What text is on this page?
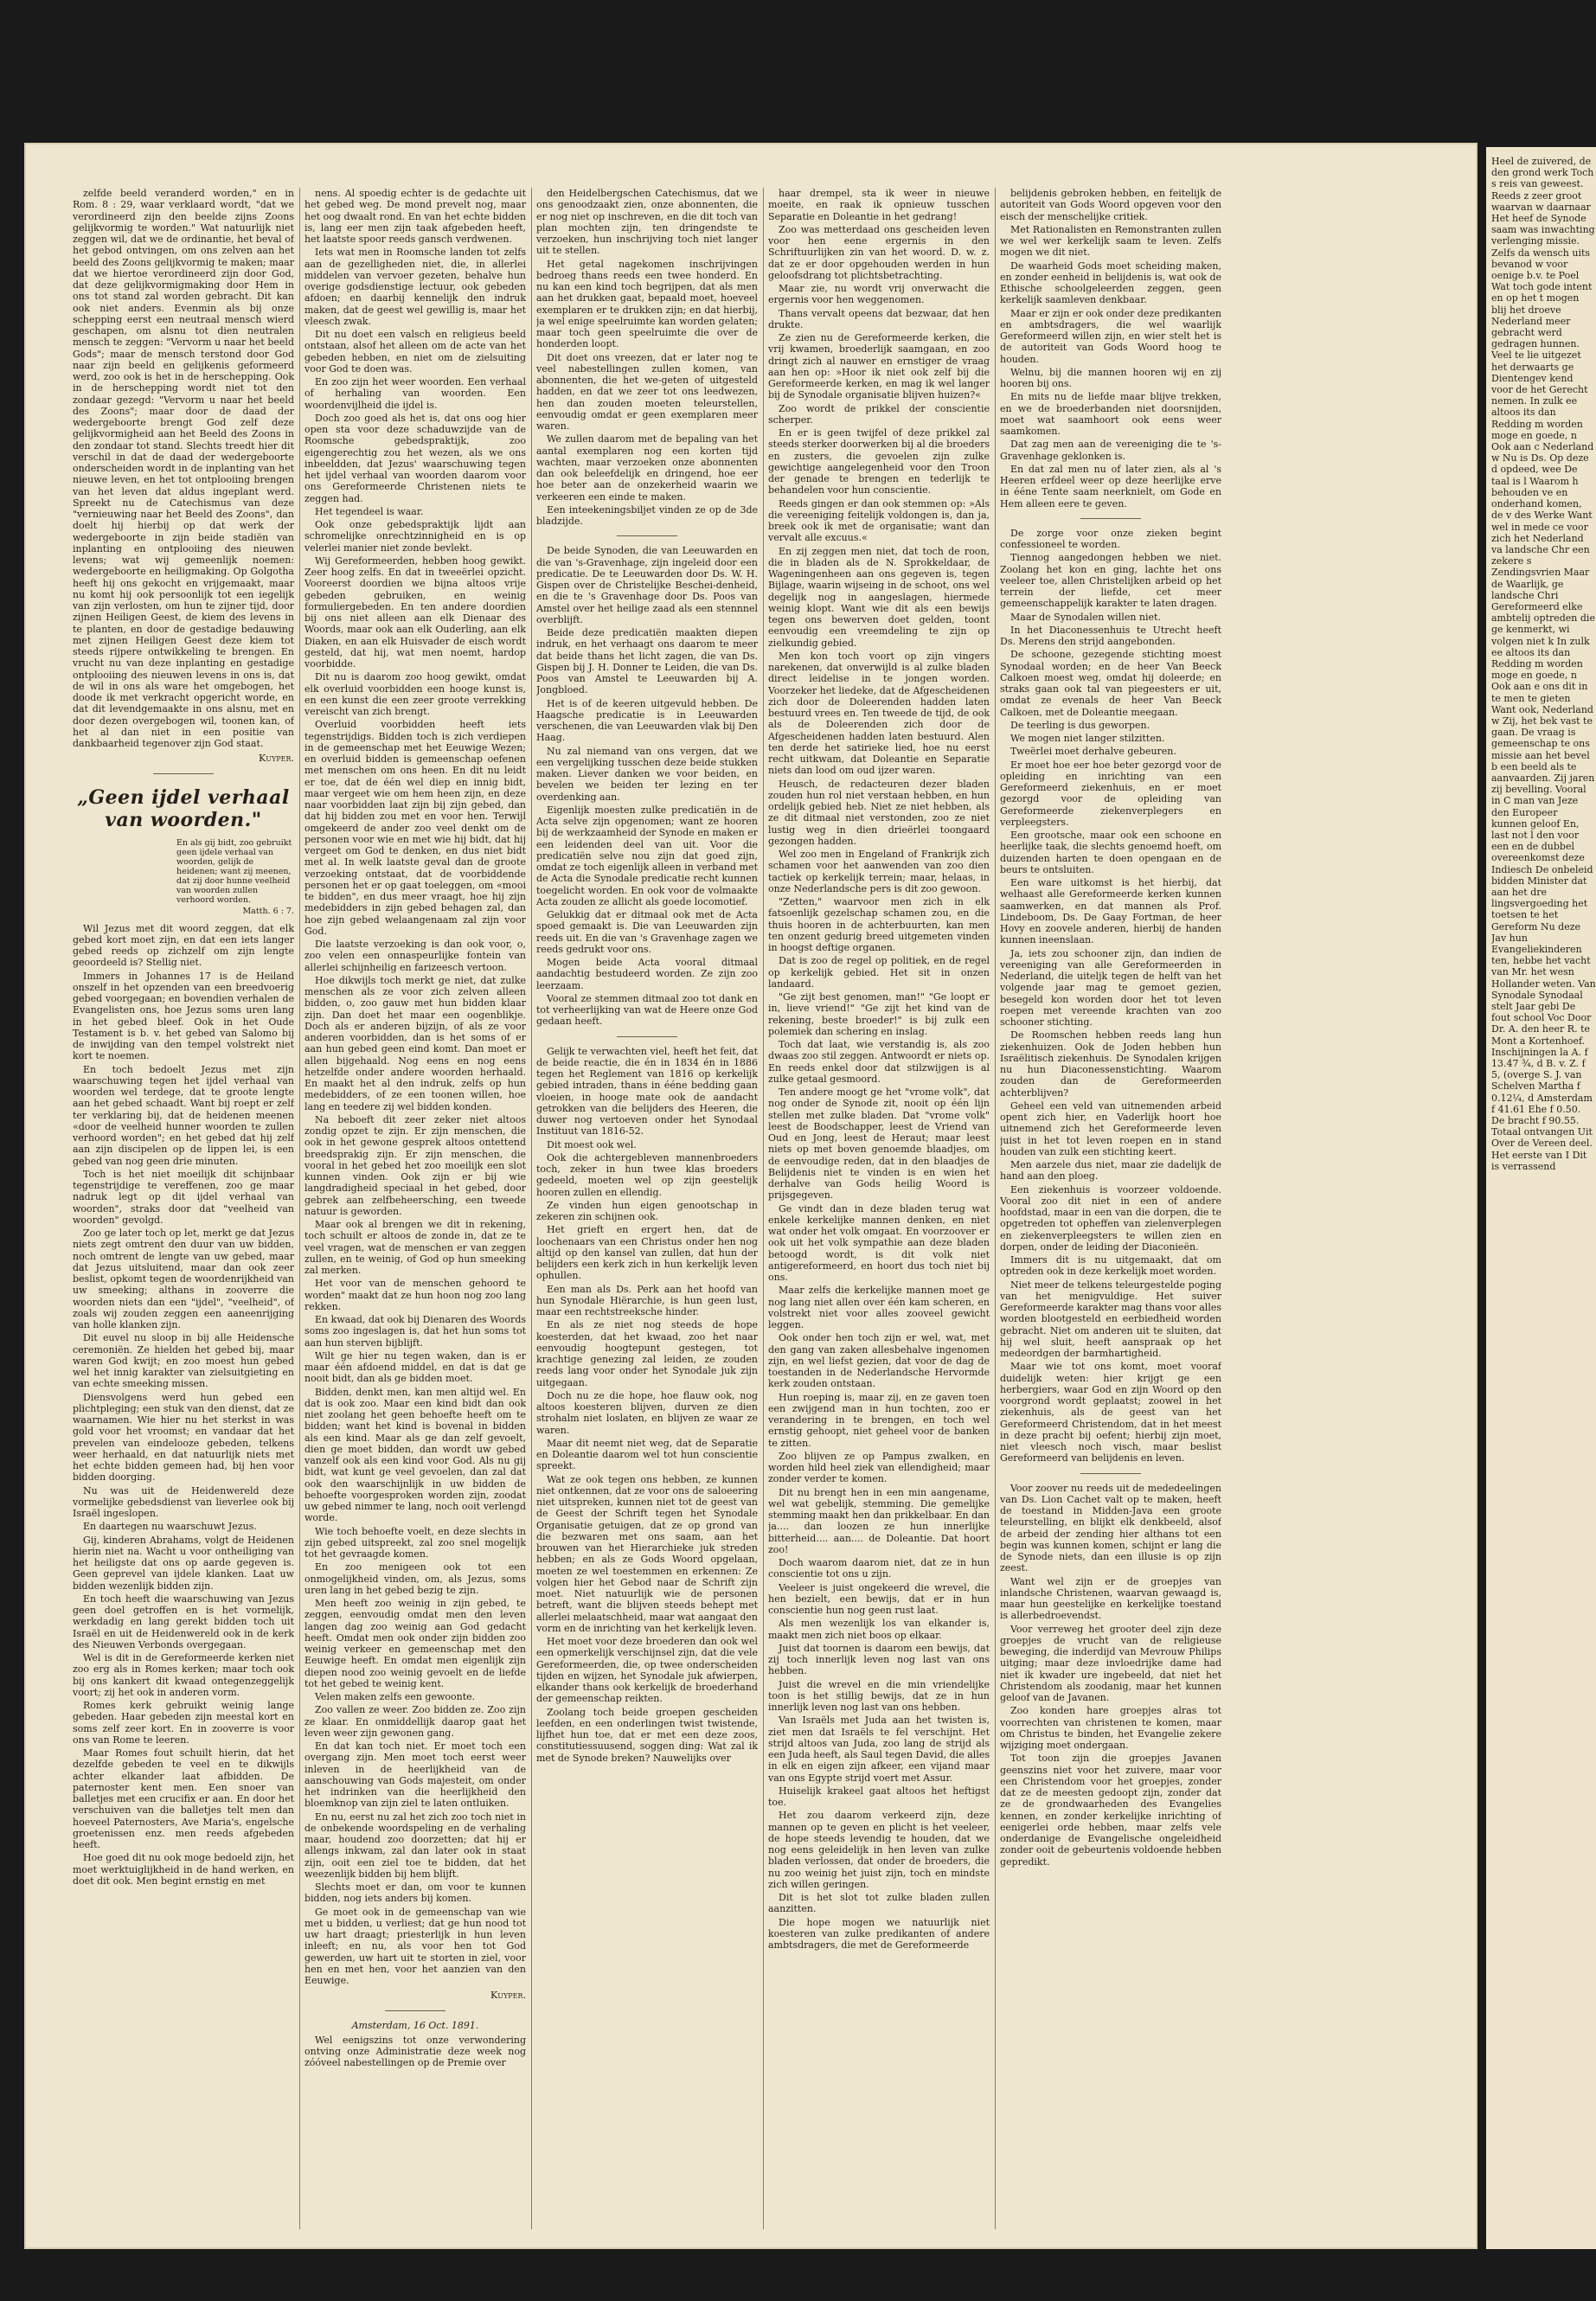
zelfde beeld veranderd worden," en in Rom. 8 : 29, waar verklaard wordt, "dat we verordineerd zijn den beelde zijns Zoons gelijkvormig te worden." Wat natuurlijk niet zeggen wil, dat we de ordinantie, het beval of het gebod ontvingen, om ons zelven aan het beeld des Zoons gelijkvormig te maken; maar dat we hiertoe verordineerd zijn door God, dat deze gelijkvormigmaking door Hem in ons tot stand zal worden gebracht. Dit kan ook niet anders. Evenmin als bij onze schepping eerst een neutraal mensch wierd geschapen, om alsnu tot dien neutralen mensch te zeggen: "Vervorm u naar het beeld Gods"; maar de mensch terstond door God naar zijn beeld en gelijkenis geformeerd werd, zoo ook is het in de herschepping. Ook in de herschepping wordt niet tot den zondaar gezegd: "Vervorm u naar het beeld des Zoons"; maar door de daad der wedergeboorte brengt God zelf deze gelijkvormigheid aan het Beeld des Zoons in den zondaar tot stand. Slechts treedt hier dit verschil in dat de daad der wedergeboorte onderscheiden wordt in de inplanting van het nieuwe leven, en het tot ontplooiing brengen van het leven dat aldus ingeplant werd. Spreekt nu de Catechismus van deze "vernieuwing naar het Beeld des Zoons", dan doelt hij hierbij op dat werk der wedergeboorte in zijn beide stadiën van inplanting en ontplooiing des nieuwen levens; wat wij gemeenlijk noemen: wedergeboorte en heiligmaking. Op Golgotha heeft hij ons gekocht en vrijgemaakt, maar nu komt hij ook persoonlijk tot een iegelijk van zijn verlosten, om hun te zijner tijd, door zijnen Heiligen Geest, de kiem des levens in te planten, en door de gestadige bedauwing met zijnen Heiligen Geest deze kiem tot steeds rijpere ontwikkeling te brengen. En vrucht nu van deze inplanting en gestadige ontplooiing des nieuwen levens in ons is, dat de wil in ons als ware het omgebogen, het doode ik met verkracht opgericht worde, en dat dit levendgemaakte in ons alsnu, met en door dezen overgebogen wil, toonen kan, of het al dan niet in een positie van dankbaarheid tegenover zijn God staat.

Kuyper.
„Geen ijdel verhaal van woorden."
En als gij bidt, zoo gebruikt geen ijdele verhaal van woorden, gelijk de heidenen; want zij meenen, dat zij door hunne veelheid van woorden zullen verhoord worden.
Matth. 6 : 7.

Wil Jezus met dit woord zeggen, dat elk gebed kort moet zijn, en dat een iets langer gebed reeds op zichzelf om zijn lengte geoordeeld is? Stellig niet.

Immers in Johannes 17 is de Heiland onszelf in het opzenden van een breedvoerig gebed voorgegaan; en bovendien verhalen de Evangelisten ons, hoe Jezus soms uren lang in het gebed bleef. Ook in het Oude Testament is b. v. het gebed van Salomo bij de inwijding van den tempel volstrekt niet kort te noemen.

En toch bedoelt Jezus met zijn waarschuwing tegen het ijdel verhaal van woorden wel terdege, dat te groote lengte aan het gebed schaadt. Want bij roept er zelf ter verklaring bij, dat de heidenen meenen «door de veelheid hunner woorden te zullen verhoord worden"; en het gebed dat hij zelf aan zijn discipelen op de lippen lei, is een gebed van nog geen drie minuten.

Toch is het niet moeilijk dit schijnbaar tegenstrijdige te vereffenen, zoo ge maar nadruk legt op dit ijdel verhaal van woorden", straks door dat "veelheid van woorden" gevolgd.

Zoo ge later toch op let, merkt ge dat Jezus niets zegt omtrent den duur van uw bidden, noch omtrent de lengte van uw gebed, maar dat Jezus uitsluitend, maar dan ook zeer beslist, opkomt tegen de woordenrijkheid van uw smeeking; althans in zooverre die woorden niets dan een "ijdel", "veelheid", of zoals wij zouden zeggen een aaneenrijging van holle klanken zijn.

Dit euvel nu sloop in bij alle Heidensche ceremoniën. Ze hielden het gebed bij, maar waren God kwijt; en zoo moest hun gebed wel het innig karakter van zielsuitgieting en van echte smeeking missen.

Diensvolgens werd hun gebed een plichtpleging; een stuk van den dienst, dat ze waarnamen. Wie hier nu het sterkst in was gold voor het vroomst; en vandaar dat het prevelen van eindelooze gebeden, telkens weer herhaald, en dat natuurlijk niets met het echte bidden gemeen had, bij hen voor bidden doorging.

Nu was uit de Heidenwereld deze vormelijke gebedsdienst van lieverlee ook bij Israël ingeslopen.

En daartegen nu waarschuwt Jezus.

Gij, kinderen Abrahams, volgt de Heidenen hierin niet na. Wacht u voor ontheiliging van het heiligste dat ons op aarde gegeven is. Geen geprevel van ijdele klanken. Laat uw bidden wezenlijk bidden zijn.

En toch heeft die waarschuwing van Jezus geen doel getroffen en is het vormelijk, werkdadig en lang gerekt bidden toch uit Israël en uit de Heidenwereld ook in de kerk des Nieuwen Verbonds overgegaan.

Wel is dit in de Gereformeerde kerken niet zoo erg als in Romes kerken; maar toch ook bij ons kankert dit kwaad ontegenzeggelijk voort; zij het ook in anderen vorm.

Romes kerk gebruikt weinig lange gebeden. Haar gebeden zijn meestal kort en soms zelf zeer kort. En in zooverre is voor ons van Rome te leeren.

Maar Romes fout schuilt hierin, dat het dezelfde gebeden te veel en te dikwijls achter elkander laat afbidden. De paternoster kent men. Een snoer van balletjes met een crucifix er aan. En door het verschuiven van die balletjes telt men dan hoeveel Paternosters, Ave Maria's, engelsche groetenissen enz. men reeds afgebeden heeft.

Hoe goed dit nu ook moge bedoeld zijn, het moet werktuiglijkheid in de hand werken, en doet dit ook. Men begint ernstig en met

nens. Al spoedig echter is de gedachte uit het gebed weg. De mond prevelt nog, maar het oog dwaalt rond. En van het echte bidden is, lang eer men zijn taak afgebeden heeft, het laatste spoor reeds gansch verdwenen.

Iets wat men in Roomsche landen tot zelfs aan de gezelligheden niet, die, in allerlei middelen van vervoer gezeten, behalve hun overige godsdienstige lectuur, ook gebeden afdoen; en daarbij kennelijk den indruk maken, dat de geest wel gewillig is, maar het vleesch zwak.

Dit nu doet een valsch en religieus beeld ontstaan, alsof het alleen om de acte van het gebeden hebben, en niet om de zielsuiting voor God te doen was.

En zoo zijn het weer woorden. Een verhaal of herhaling van woorden. Een woordenvijlheid die ijdel is.

Doch zoo goed als het is, dat ons oog hier open sta voor deze schaduwzijde van de Roomsche gebedspraktijk, zoo eigengerechtig zou het wezen, als we ons inbeeldden, dat Jezus' waarschuwing tegen het ijdel verhaal van woorden daarom voor ons Gereformeerde Christenen niets te zeggen had.

Het tegendeel is waar.

Ook onze gebedspraktijk lijdt aan schromelijke onrechtzinnigheid en is op velerlei manier niet zonde bevlekt.

Wij Gereformeerden, hebben hoog gewikt. Zeer hoog zelfs. En dat in tweeërlei opzicht. Vooreerst doordien we bijna altoos vrije gebeden gebruiken, en weinig formuliergebeden. En ten andere doordien bij ons niet alleen aan elk Dienaar des Woords, maar ook aan elk Ouderling, aan elk Diaken, en aan elk Huisvader de eisch wordt gesteld, dat hij, wat men noemt, hardop voorbidde.

Dit nu is daarom zoo hoog gewikt, omdat elk overluid voorbidden een hooge kunst is, en een kunst die een zeer groote verrekking vereischt van zich brengt.

Overluid voorbidden heeft iets tegenstrijdigs. Bidden toch is zich verdiepen in de gemeenschap met het Eeuwige Wezen; en overluid bidden is gemeenschap oefenen met menschen om ons heen. En dit nu leidt er toe, dat de één wel diep en innig bidt, maar vergeet wie om hem heen zijn, en deze naar voorbidden laat zijn bij zijn gebed, dan dat hij bidden zou met en voor hen. Terwijl omgekeerd de ander zoo veel denkt om de personen voor wie en met wie hij bidt, dat hij vergeet om God te denken, en dus niet bidt met al. In welk laatste geval dan de groote verzoeking ontstaat, dat de voorbiddende personen het er op gaat toeleggen, om «mooi te bidden", en dus meer vraagt, hoe hij zijn medebidders in zijn gebed behagen zal, dan hoe zijn gebed welaangenaam zal zijn voor God.

Die laatste verzoeking is dan ook voor, o, zoo velen een onnaspeurlijke fontein van allerlei schijnheilig en farizeesch vertoon.

Hoe dikwijls toch merkt ge niet, dat zulke menschen als ze voor zich zelven alleen bidden, o, zoo gauw met hun bidden klaar zijn. Dan doet het maar een oogenblikje. Doch als er anderen bijzijn, of als ze voor anderen voorbidden, dan is het soms of er aan hun gebed geen eind komt. Dan moet er allen bijgehaald. Nog eens en nog eens hetzelfde onder andere woorden herhaald. En maakt het al den indruk, zelfs op hun medebidders, of ze een toonen willen, hoe lang en teedere zij wel bidden konden.

Na beboeft dit zeer zeker niet altoos zondig opzet te zijn. Er zijn menschen, die ook in het gewone gesprek altoos ontettend breedsprakig zijn. Er zijn menschen, die vooral in het gebed het zoo moeilijk een slot kunnen vinden. Ook zijn er bij wie langdradigheid speciaal in het gebed, door gebrek aan zelfbeheersching, een tweede natuur is geworden.

Maar ook al brengen we dit in rekening, toch schuilt er altoos de zonde in, dat ze te veel vragen, wat de menschen er van zeggen zullen, en te weinig, of God op hun smeeking zal merken.

Het voor van de menschen gehoord te worden" maakt dat ze hun hoon nog zoo lang rekken.

En kwaad, dat ook bij Dienaren des Woords soms zoo ingeslagen is, dat het hun soms tot aan hun sterven bijblijft.

Wilt ge hier nu tegen waken, dan is er maar één afdoend middel, en dat is dat ge nooit bidt, dan als ge bidden moet.

Bidden, denkt men, kan men altijd wel. En dat is ook zoo. Maar een kind bidt dan ook niet zoolang het geen behoefte heeft om te bidden; want het kind is bovenal in bidden als een kind. Maar als ge dan zelf gevoelt, dien ge moet bidden, dan wordt uw gebed vanzelf ook als een kind voor God. Als nu gij bidt, wat kunt ge veel gevoelen, dan zal dat ook den waarschijnlijk in uw bidden de behoefte voorgesproken worden zijn, zoodat uw gebed nimmer te lang, noch ooit verlengd worde.

Wie toch behoefte voelt, en deze slechts in zijn gebed uitspreekt, zal zoo snel mogelijk tot het gevraagde komen.

En zoo menigeen ook tot een onmogelijkheid vinden, om, als Jezus, soms uren lang in het gebed bezig te zijn.

Men heeft zoo weinig in zijn gebed, te zeggen, eenvoudig omdat men den leven langen dag zoo weinig aan God gedacht heeft. Omdat men ook onder zijn bidden zoo weinig verkeer en gemeenschap met den Eeuwige heeft. En omdat men eigenlijk zijn diepen nood zoo weinig gevoelt en de liefde tot het gebed te weinig kent.

Velen maken zelfs een gewoonte.

Zoo vallen ze weer. Zoo bidden ze. Zoo zijn ze klaar. En onmiddellijk daarop gaat het leven weer zijn gewonen gang.

En dat kan toch niet. Er moet toch een overgang zijn. Men moet toch eerst weer inleven in de heerlijkheid van de aanschouwing van Gods majesteit, om onder het indrinken van die heerlijkheid den bloemknop van zijn ziel te laten ontluiken.

En nu, eerst nu zal het zich zoo toch niet in de onbekende woordspeling en de verhaling maar, houdend zoo doorzetten; dat hij er allengs inkwam, zal dan later ook in staat zijn, ooit een ziel toe te bidden, dat het weezenlijk bidden bij hem blijft.

Slechts moet er dan, om voor te kunnen bidden, nog iets anders bij komen.

Ge moet ook in de gemeenschap van wie met u bidden, u verliest; dat ge hun nood tot uw hart draagt; priesterlijk in hun leven inleeft; en nu, als voor hen tot God gewerden, uw hart uit te storten in ziel, voor hen en met hen, voor het aanzien van den Eeuwige.

Kuyper.
Amsterdam, 16 Oct. 1891.

Wel eenigszins tot onze verwondering ontving onze Administratie deze week nog zóóveel nabestellingen op de Premie over

den Heidelbergschen Catechismus, dat we ons genoodzaakt zien, onze abonnenten, die er nog niet op inschreven, en die dit toch van plan mochten zijn, ten dringendste te verzoeken, hun inschrijving toch niet langer uit te stellen.

Het getal nagekomen inschrijvingen bedroeg thans reeds een twee honderd. En nu kan een kind toch begrijpen, dat als men aan het drukken gaat, bepaald moet, hoeveel exemplaren er te drukken zijn; en dat hierbij, ja wel enige speelruimte kan worden gelaten; maar toch geen speelruimte die over de honderden loopt.

Dit doet ons vreezen, dat er later nog te veel nabestellingen zullen komen, van abonnenten, die het we-geten of uitgesteld hadden, en dat we zeer tot ons leedwezen, hen dan zouden moeten teleurstellen, eenvoudig omdat er geen exemplaren meer waren.

We zullen daarom met de bepaling van het aantal exemplaren nog een korten tijd wachten, maar verzoeken onze abonnenten dan ook beleefdelijk en dringend, hoe eer hoe beter aan de onzekerheid waarin we verkeeren een einde te maken.

Een inteekeningsbiljet vinden ze op de 3de bladzijde.

De beide Synoden, die van Leeuwarden en die van 's-Gravenhage, zijn ingeleid door een predicatie. De te Leeuwarden door Ds. W. H. Gispen over de Christelijke Beschei-denheid, en die te 's Gravenhage door Ds. Poos van Amstel over het heilige zaad als een stennnel overblijft.

Beide deze predicatiën maakten diepen indruk, en het verhaagt ons daarom te meer dat beide thans het licht zagen, die van Ds. Gispen bij J. H. Donner te Leiden, die van Ds. Poos van Amstel te Leeuwarden bij A. Jongbloed.

Het is of de keeren uitgevuld hebben. De Haagsche predicatie is in Leeuwarden verschenen, die van Leeuwarden vlak bij Den Haag.

Nu zal niemand van ons vergen, dat we een vergelijking tusschen deze beide stukken maken. Liever danken we voor beiden, en bevelen we beiden ter lezing en ter overdenking aan.

Eigenlijk moesten zulke predicatiën in de Acta selve zijn opgenomen; want ze hooren bij de werkzaamheid der Synode en maken er een leidenden deel van uit. Voor die predicatiën selve nou zijn dat goed zijn, omdat ze toch eigenlijk alleen in verband met de Acta die Synodale predicatie recht kunnen toegelicht worden. En ook voor de volmaakte Acta zouden ze allicht als goede locomotief.

Gelukkig dat er ditmaal ook met de Acta spoed gemaakt is. Die van Leeuwarden zijn reeds uit. En die van 's Gravenhage zagen we reeds gedrukt voor ons.

Mogen beide Acta vooral ditmaal aandachtig bestudeerd worden. Ze zijn zoo leerzaam.

Vooral ze stemmen ditmaal zoo tot dank en tot verheerlijking van wat de Heere onze God gedaan heeft.

Gelijk te verwachten viel, heeft het feit, dat de beide reactie, die én in 1834 én in 1886 tegen het Reglement van 1816 op kerkelijk gebied intraden, thans in ééne bedding gaan vloeien, in hooge mate ook de aandacht getrokken van die belijders des Heeren, die duwer nog vertoeven onder het Synodaal Instituut van 1816-52.

Dit moest ook wel.

Ook die achtergebleven mannenbroeders toch, zeker in hun twee klas broeders gedeeld, moeten wel op zijn geestelijk hooren zullen en ellendig.

Ze vinden hun eigen genootschap in zekeren zin schijnen ook.

Het grieft en ergert hen, dat de loochenaars van een Christus onder hen nog altijd op den kansel van zullen, dat hun der belijders een kerk zich in hun kerkelijk leven ophullen.

Een man als Ds. Perk aan het hoofd van hun Synodale Hiërarchie, is hun geen lust, maar een rechtstreeksche hinder.

En als ze niet nog steeds de hope koesterden, dat het kwaad, zoo het naar eenvoudig hoogtepunt gestegen, tot krachtige genezing zal leiden, ze zouden reeds lang voor onder het Synodale juk zijn uitgegaan.

Doch nu ze die hope, hoe flauw ook, nog altoos koesteren blijven, durven ze dien strohalm niet loslaten, en blijven ze waar ze waren.

Maar dit neemt niet weg, dat de Separatie en Doleantie daarom wel tot hun conscientie spreekt.

Wat ze ook tegen ons hebben, ze kunnen niet ontkennen, dat ze voor ons de saloeering niet uitspreken, kunnen niet tot de geest van de Geest der Schrift tegen het Synodale Organisatie getuigen, dat ze op grond van die bezwaren met ons saam, aan het brouwen van het Hierarchieke juk streden hebben; en als ze Gods Woord opgelaan, moeten ze wel toestemmen en erkennen: Ze volgen hier het Gebod naar de Schrift zijn moet. Niet natuurlijk wie de personen betreft, want die blijven steeds behept met allerlei melaatschheid, maar wat aangaat den vorm en de inrichting van het kerkelijk leven.

Het moet voor deze broederen dan ook wel een opmerkelijk verschijnsel zijn, dat die vele Gereformeerden, die, op twee onderscheiden tijden en wijzen, het Synodale juk afwierpen, elkander thans ook kerkelijk de broederhand der gemeenschap reikten.

Zoolang toch beide groepen gescheiden leefden, en een onderlingen twist twistende, lijfhet hun toe, dat er met een deze zoos, constitutiessuusend, soggen ding: Wat zal ik met de Synode breken? Nauwelijks over

haar drempel, sta ik weer in nieuwe moeite, en raak ik opnieuw tusschen Separatie en Doleantie in het gedrang!

Zoo was metterdaad ons gescheiden leven voor hen eene ergernis in den Schriftuurlijken zin van het woord. D. w. z. dat ze er door opgehouden werden in hun geloofsdrang tot plichtsbetrachting.

Maar zie, nu wordt vrij onverwacht die ergernis voor hen weggenomen.

Thans vervalt opeens dat bezwaar, dat hen drukte.

Ze zien nu de Gereformeerde kerken, die vrij kwamen, broederlijk saamgaan, en zoo dringt zich al nauwer en ernstiger de vraag aan hen op: »Hoor ik niet ook zelf bij die Gereformeerde kerken, en mag ik wel langer bij de Synodale organisatie blijven huizen?«

Zoo wordt de prikkel der conscientie scherper.

En er is geen twijfel of deze prikkel zal steeds sterker doorwerken bij al die broeders en zusters, die gevoelen zijn zulke gewichtige aangelegenheid voor den Troon der genade te brengen en tederlijk te behandelen voor hun conscientie.

Reeds gingen er dan ook stemmen op: »Als die vereeniging feitelijk voldongen is, dan ja, breek ook ik met de organisatie; want dan vervalt alle excuus.«

En zij zeggen men niet, dat toch de roon, die in bladen als de N. Sprokkeldaar, de Wageningenheen aan ons gegeven is, tegen Bijlage, waarin wijseing in de schoot, ons wel degelijk nog in aangeslagen, hiermede weinig klopt. Want wie dit als een bewijs tegen ons bewerven doet gelden, toont eenvoudig een vreemdeling te zijn op zielkundig gebied.

Men kon toch voort op zijn vingers narekenen, dat onverwijld is al zulke bladen direct leidelise in te jongen worden. Voorzeker het liedeke, dat de Afgescheidenen zich door de Doleerenden hadden laten bestuurd vrees en. Ten tweede de tijd, de ook als de Doleerenden zich door de Afgescheidenen hadden laten bestuurd. Alen ten derde het satirieke lied, hoe nu eerst recht uitkwam, dat Doleantie en Separatie niets dan lood om oud ijzer waren.

Heusch, de redacteuren dezer bladen zouden hun rol niet verstaan hebben, en hun ordelijk gebied heb. Niet ze niet hebben, als ze dit ditmaal niet verstonden, zoo ze niet lustig weg in dien drieërlei toongaard gezongen hadden.

Wel zoo men in Engeland of Frankrijk zich schamen voor het aanwenden van zoo dien tactiek op kerkelijk terrein; maar, helaas, in onze Nederlandsche pers is dit zoo gewoon.

"Zetten," waarvoor men zich in elk fatsoenlijk gezelschap schamen zou, en die thuis hooren in de achterbuurten, kan men ten onzent gedurig breed uitgemeten vinden in hoogst deftige organen.

Dat is zoo de regel op politiek, en de regel op kerkelijk gebied. Het sit in onzen landaard.

"Ge zijt best genomen, man!" "Ge loopt er in, lieve vriend!" "Ge zijt het kind van de rekening, beste broeder!" is bij zulk een polemiek dan schering en inslag.

Toch dat laat, wie verstandig is, als zoo dwaas zoo stil zeggen. Antwoordt er niets op. En reeds enkel door dat stilzwijgen is al zulke getaal gesmoord.

Ten andere moogt ge het "vrome volk", dat nog onder de Synode zit, nooit op één lijn stellen met zulke bladen. Dat "vrome volk" leest de Boodschapper, leest de Vriend van Oud en Jong, leest de Heraut; maar leest niets op met boven genoemde blaadjes, om de eenvoudige reden, dat in den blaadjes de Belijdenis niet te vinden is en wien het derhalve van Gods heilig Woord is prijsgegeven.

Ge vindt dan in deze bladen terug wat enkele kerkelijke mannen denken, en niet wat onder het volk omgaat. En voorzoover er ook uit het volk sympathie aan deze bladen betoogd wordt, is dit volk niet antigereformeerd, en hoort dus toch niet bij ons.

Maar zelfs die kerkelijke mannen moet ge nog lang niet allen over één kam scheren, en volstrekt niet voor alles zooveel gewicht leggen.

Ook onder hen toch zijn er wel, wat, met den gang van zaken allesbehalve ingenomen zijn, en wel liefst gezien, dat voor de dag de toestanden in de Nederlandsche Hervormde kerk zouden ontstaan.

Hun roeping is, maar zij, en ze gaven toen een zwijgend man in hun tochten, zoo er verandering in te brengen, en toch wel ernstig gehoopt, niet geheel voor de banken te zitten.

Zoo blijven ze op Pampus zwalken, en worden hild heel ziek van ellendigheid; maar zonder verder te komen.

Dit nu brengt hen in een min aangename, wel wat gebelijk, stemming. Die gemelijke stemming maakt hen dan prikkelbaar. En dan ja.... dan loozen ze hun innerlijke bitterheid.... aan.... de Doleantie. Dat hoort zoo!

Doch waarom daarom niet, dat ze in hun conscientie tot ons u zijn.

Veeleer is juist ongekeerd die wrevel, die hen bezielt, een bewijs, dat er in hun conscientie hun nog geen rust laat.

Als men wezenlijk los van elkander is, maakt men zich niet boos op elkaar.

Juist dat toornen is daarom een bewijs, dat zij toch innerlijk leven nog last van ons hebben.

Juist die wrevel en die min vriendelijke toon is het stillig bewijs, dat ze in hun innerlijk leven nog last van ons hebben.

Van Israëls met Juda aan het twisten is, ziet men dat Israëls te fel verschijnt. Het strijd altoos van Juda, zoo lang de strijd als een Juda heeft, als Saul tegen David, die alles in elk en eigen zijn afkeer, een vijand maar van ons Egypte strijd voert met Assur.

Huiselijk krakeel gaat altoos het heftigst toe.

Het zou daarom verkeerd zijn, deze mannen op te geven en plicht is het veeleer, de hope steeds levendig te houden, dat we nog eens geleidelijk in hen leven van zulke bladen verlossen, dat onder de broeders, die nu zoo weinig het juist zijn, toch en mindste zich willen geringen.

Dit is het slot tot zulke bladen zullen aanzitten.

Die hope mogen we natuurlijk niet koesteren van zulke predikanten of andere ambtsdragers, die met de Gereformeerde

belijdenis gebroken hebben, en feitelijk de autoriteit van Gods Woord opgeven voor den eisch der menschelijke critiek.

Met Rationalisten en Remonstranten zullen we wel wer kerkelijk saam te leven. Zelfs mogen we dit niet.

De waarheid Gods moet scheiding maken, en zonder eenheid in belijdenis is, wat ook de Ethische schoolgeleerden zeggen, geen kerkelijk saamleven denkbaar.

Maar er zijn er ook onder deze predikanten en ambtsdragers, die wel waarlijk Gereformeerd willen zijn, en wier stelt het is de autoriteit van Gods Woord hoog te houden.

Welnu, bij die mannen hooren wij en zij hooren bij ons.

En mits nu de liefde maar blijve trekken, en we de broederbanden niet doorsnijden, moet wat saamhoort ook eens weer saamkomen.

Dat zag men aan de vereeniging die te 's-Gravenhage geklonken is.

En dat zal men nu of later zien, als al 's Heeren erfdeel weer op deze heerlijke erve in ééne Tente saam neerknielt, om Gode en Hem alleen eere te geven.

De zorge voor onze zieken begint confessioneel te worden.

Tiennog aangedongen hebben we niet. Zoolang het kon en ging, lachte het ons veeleer toe, allen Christelijken arbeid op het terrein der liefde, cet meer gemeenschappelijk karakter te laten dragen.

Maar de Synodalen willen niet.

In het Diaconessenhuis te Utrecht heeft Ds. Merens den strijd aangebonden.

De schoone, gezegende stichting moest Synodaal worden; en de heer Van Beeck Calkoen moest weg, omdat hij doleerde; en straks gaan ook tal van piegeesters er uit, omdat ze evenals de heer Van Beeck Calkoen, met de Doleantie meegaan.

De teerling is dus geworpen.

We mogen niet langer stilzitten.

Tweërlei moet derhalve gebeuren.

Er moet hoe eer hoe beter gezorgd voor de opleiding en inrichting van een Gereformeerd ziekenhuis, en er moet gezorgd voor de opleiding van Gereformeerde ziekenverplegers en verpleegsters.

Een grootsche, maar ook een schoone en heerlijke taak, die slechts genoemd hoeft, om duizenden harten te doen opengaan en de beurs te ontsluiten.

Een ware uitkomst is het hierbij, dat welhaast alle Gereformeerde kerken kunnen saamwerken, en dat mannen als Prof. Lindeboom, Ds. De Gaay Fortman, de heer Hovy en zoovele anderen, hierbij de handen kunnen ineenslaan.

Ja, iets zou schooner zijn, dan indien de vereeniging van alle Gereformeerden in Nederland, die uiteljk tegen de helft van het volgende jaar mag te gemoet gezien, besegeld kon worden door het tot leven roepen met vereende krachten van zoo schooner stichting.

De Roomschen hebben reeds lang hun ziekenhuizen. Ook de Joden hebben hun Israëlitisch ziekenhuis. De Synodalen krijgen nu hun Diaconessenstichting. Waarom zouden dan de Gereformeerden achterblijven?

Geheel een veld van uitnemenden arbeid opent zich hier, en Vaderlijk hoort hoe uitnemend zich het Gereformeerde leven juist in het tot leven roepen en in stand houden van zulk een stichting keert.

Men aarzele dus niet, maar zie dadelijk de hand aan den ploeg.

Een ziekenhuis is voorzeer voldoende. Vooral zoo dit niet in een of andere hoofdstad, maar in een van die dorpen, die te opgetreden tot opheffen van zielenverplegen en ziekenverpleegsters te willen zien en dorpen, onder de leiding der Diaconieën.

Immers dit is nu uitgemaakt, dat om optreden ook in deze kerkelijk moet worden.

Niet meer de telkens teleurgestelde poging van het menigvuldige. Het suiver Gereformeerde karakter mag thans voor alles worden blootgesteld en eerbiedheid worden gebracht. Niet om anderen uit te sluiten, dat hij wel sluit, heeft aanspraak op het medeordgen der barmhartigheid.

Maar wie tot ons komt, moet vooraf duidelijk weten: hier krijgt ge een herbergiers, waar God en zijn Woord op den voorgrond wordt geplaatst; zoowel in het ziekenhuis, als de geest van het Gereformeerd Christendom, dat in het meest in deze pracht bij oefent; hierbij zijn moet, niet vleesch noch visch, maar beslist Gereformeerd van belijdenis en leven.

Voor zoover nu reeds uit de mededeelingen van Ds. Lion Cachet valt op te maken, heeft de toestand in Midden-Java een groote teleurstelling, en blijkt elk denkbeeld, alsof de arbeid der zending hier althans tot een begin was kunnen komen, schijnt er lang die de Synode niets, dan een illusie is op zijn zeest.

Want wel zijn er de groepjes van inlandsche Christenen, waarvan gewaagd is, maar hun geestelijke en kerkelijke toestand is allerbedroevendst.

Voor verreweg het grooter deel zijn deze groepjes de vrucht van de religieuse beweging, die inderdijd van Mevrouw Philips uitging; maar deze invloedrijke dame had niet ik kwader ure ingebeeld, dat niet het Christendom als zoodanig, maar het kunnen geloof van de Javanen.

Zoo konden hare groepjes alras tot voorrechten van christenen te komen, maar om Christus te binden, het Evangelie zekere wijziging moet ondergaan.

Tot toon zijn die groepjes Javanen geenszins niet voor het zuivere, maar voor een Christendom voor het groepjes, zonder dat ze de meesten gedoopt zijn, zonder dat ze de grondwaarheden des Evangelies kennen, en zonder kerkelijke inrichting of eenigerlei orde hebben, maar zelfs vele onderdanige de Evangelische ongeleidheid zonder ooit de gebeurtenis voldoende hebben gepredikt.

Heel de zuivered, de den grond werk Toch s reis van geweest. Reeds z zeer groot waarvan w daarnaar Het heef de Synode saam was inwachting verlenging missie. Zelfs da wensch uits bevanod w voor oenige b.v. te Poel Wat toch gode intent en op het t mogen blij het droeve Nederland meer gebracht werd gedragen hunnen. Veel te lie uitgezet het derwaarts ge Dientengev kend voor de het Gerecht nemen. In zulk ee altoos its dan Redding m worden moge en goede, n Ook aan c Nederland w Nu is Ds. Op deze d opdeed, wee De taal is l Waarom h behouden ve en onderhand komen, de v des Werke Want wel in mede ce voor zich het Nederland va landsche Chr een zekere s Zendingsvrien Maar de Waarlijk, ge landsche Chri Gereformeerd elke ambtelij optreden die ge kenmerkt, wi volgen niet k In zulk ee altoos its dan Redding m worden moge en goede, n Ook aan e ons dit in te men te gieten Want ook, Nederland w Zij, het bek vast te gaan. De vraag is gemeenschap te ons missie aan het bevel b een beeld als te aanvaarden. Zij jaren zij bevelling. Vooral in C man van Jeze den Europeer kunnen geloof En, last not l den voor een en de dubbel overeenkomst deze Indiesch De onbeleid bidden Minister dat aan het dre lingsvergoeding het toetsen te het Gereform Nu deze Jav hun Evangeliekinderen ten, hebbe het vacht van Mr. het wesn Hollander weten. Van Synodale Synodaal stelt Jaar gebi De fout school Voc Door Dr. A. den heer R. te Mont a Kortenhoef. Inschijningen la A. f 13.47 ¾, d B. v. Z. f 5, (overge S. J. van Schelven Martha f 0.12¼, d Amsterdam f 41.61 Ehe f 0.50. De bracht f 90.55. Totaal ontvangen Uit Over de Vereen deel. Het eerste van I Dit is verrassend
